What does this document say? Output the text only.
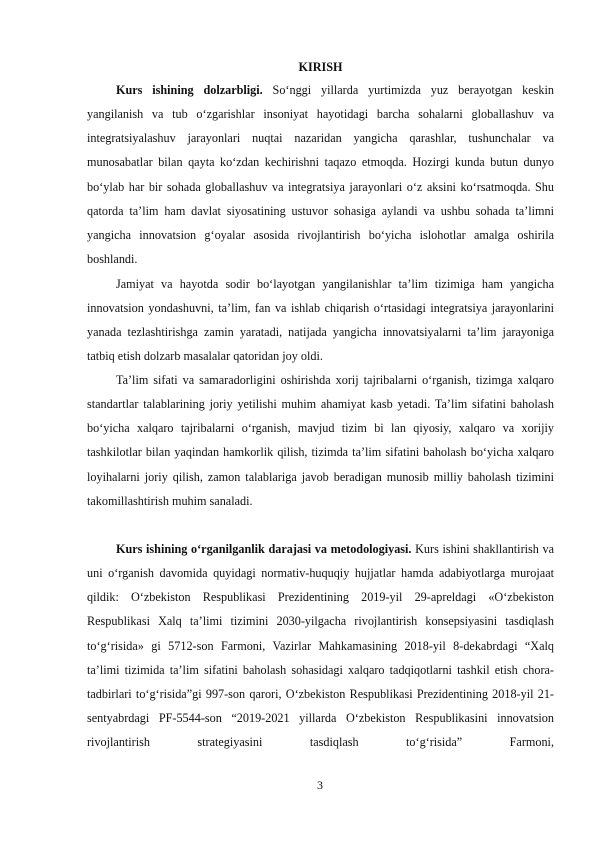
KIRISH

Kurs ishining dolzarbligi. So‘nggi yillarda yurtimizda yuz berayotgan keskin yangilanish va tub o‘zgarishlar insoniyat hayotidagi barcha sohalarni globallashuv va integratsiyalashuv jarayonlari nuqtai nazaridan yangicha qarashlar, tushunchalar va munosabatlar bilan qayta ko‘zdan kechirishni taqazo etmoqda. Hozirgi kunda butun dunyo bo‘ylab har bir sohada globallashuv va integratsiya jarayonlari o‘z aksini ko‘rsatmoqda. Shu qatorda ta’lim ham davlat siyosatining ustuvor sohasiga aylandi va ushbu sohada ta’limni yangicha innovatsion g‘oyalar asosida rivojlantirish bo‘yicha islohotlar amalga oshirila boshlandi.

Jamiyat va hayotda sodir bo‘layotgan yangilanishlar ta’lim tizimiga ham yangicha innovatsion yondashuvni, ta’lim, fan va ishlab chiqarish o‘rtasidagi integratsiya jarayonlarini yanada tezlashtirishga zamin yaratadi, natijada yangicha innovatsiyalarni ta’lim jarayoniga tatbiq etish dolzarb masalalar qatoridan joy oldi.

Ta’lim sifati va samaradorligini oshirishda xorij tajribalarni o‘rganish, tizimga xalqaro standartlar talablarining joriy yetilishi muhim ahamiyat kasb yetadi. Ta’lim sifatini baholash bo‘yicha xalqaro tajribalarni o‘rganish, mavjud tizim bi lan qiyosiy, xalqaro va xorijiy tashkilotlar bilan yaqindan hamkorlik qilish, tizimda ta’lim sifatini baholash bo‘yicha xalqaro loyihalarni joriy qilish, zamon talablariga javob beradigan munosib milliy baholash tizimini takomillashtirish muhim sanaladi.

Kurs ishining o‘rganilganlik darajasi va metodologiyasi. Kurs ishini shakllantirish va uni o‘rganish davomida quyidagi normativ-huquqiy hujjatlar hamda adabiyotlarga murojaat qildik: O‘zbekiston Respublikasi Prezidentining 2019-yil 29-apreldagi «O‘zbekiston Respublikasi Xalq ta’limi tizimini 2030-yilgacha rivojlantirish konsepsiyasini tasdiqlash to‘g‘risida» gi 5712-son Farmoni, Vazirlar Mahkamasining 2018-yil 8-dekabrdagi “Xalq ta’limi tizimida ta’lim sifatini baholash sohasidagi xalqaro tadqiqotlarni tashkil etish chora-tadbirlari to‘g‘risida”gi 997-son qarori, O‘zbekiston Respublikasi Prezidentining 2018-yil 21-sentyabrdagi PF-5544-son “2019-2021 yillarda O‘zbekiston Respublikasini innovatsion rivojlantirish strategiyasini tasdiqlash to‘g‘risida” Farmoni,

3
